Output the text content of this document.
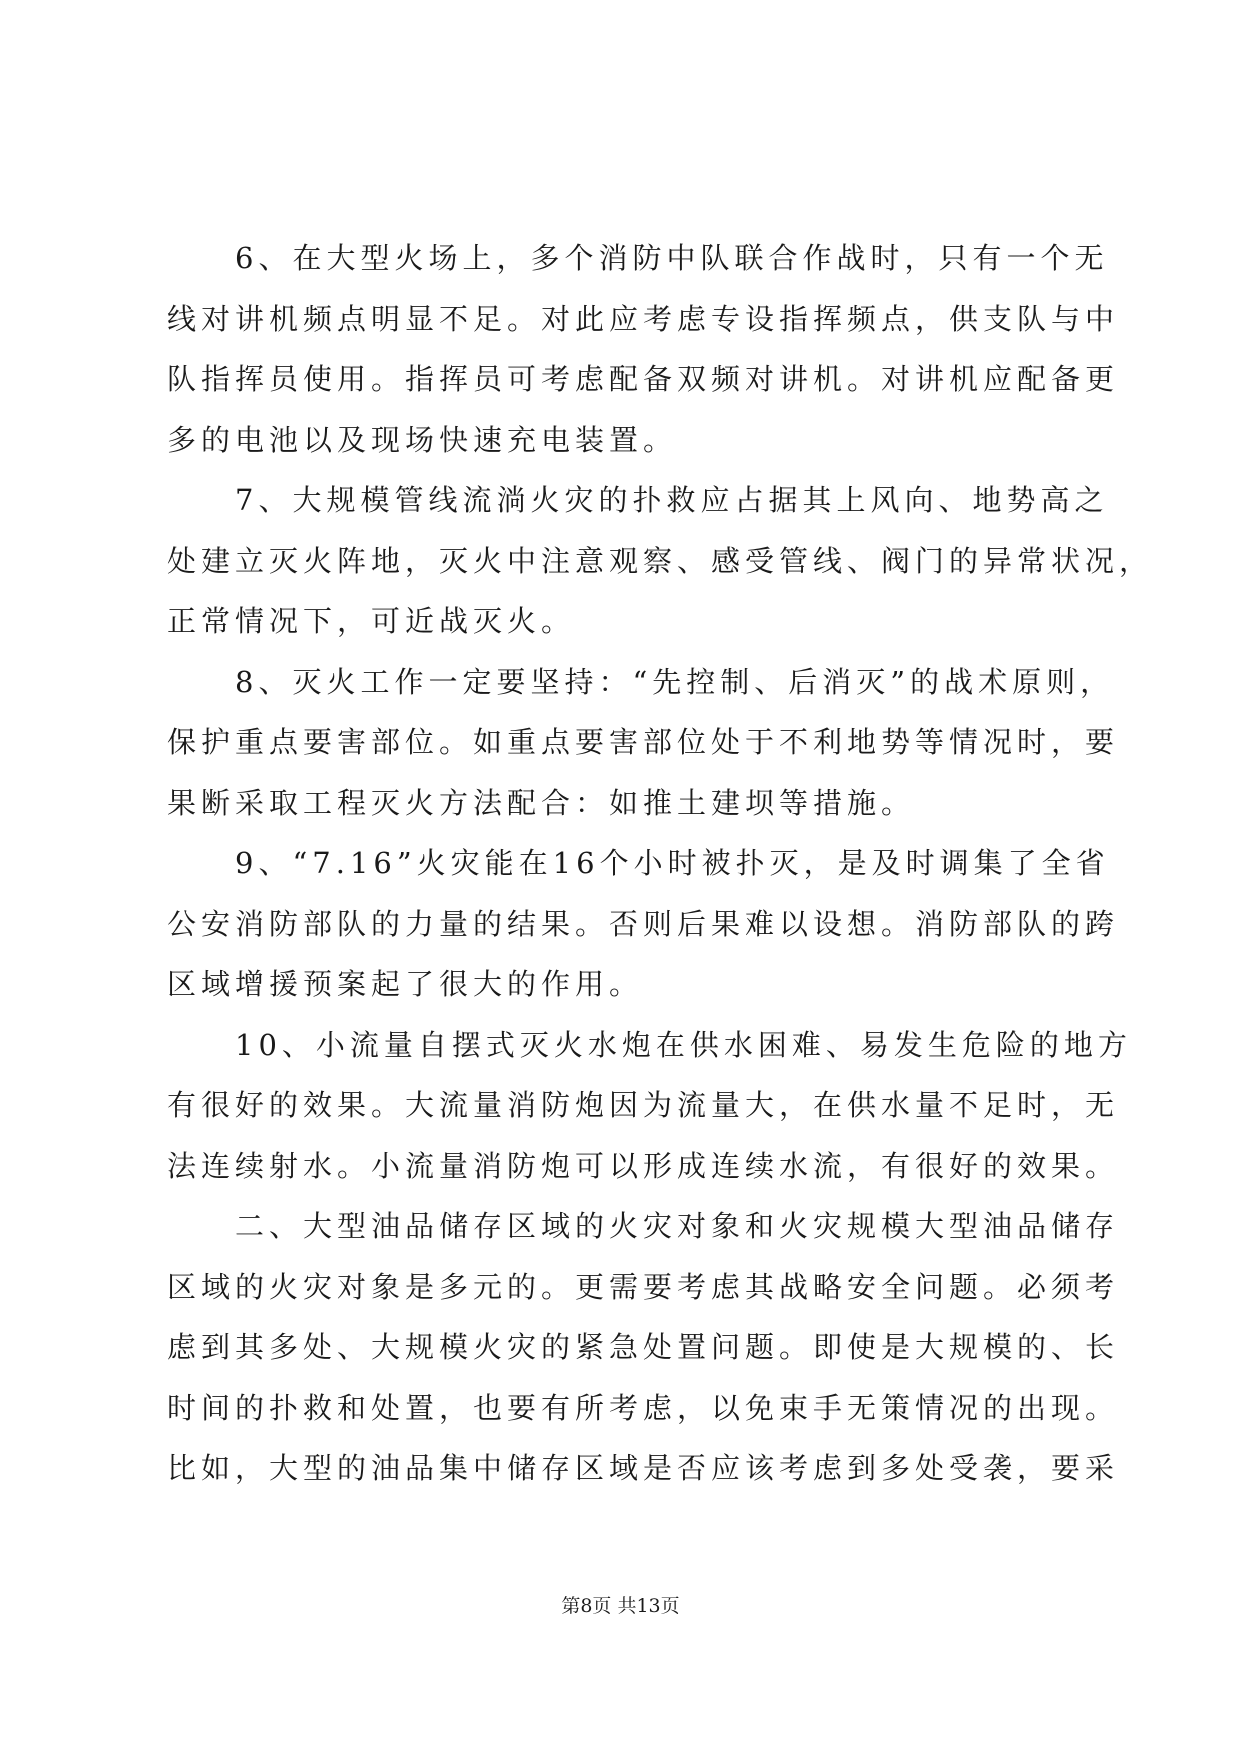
　　6、在大型火场上，多个消防中队联合作战时，只有一个无
线对讲机频点明显不足。对此应考虑专设指挥频点，供支队与中
队指挥员使用。指挥员可考虑配备双频对讲机。对讲机应配备更
多的电池以及现场快速充电装置。
　　7、大规模管线流淌火灾的扑救应占据其上风向、地势高之
处建立灭火阵地，灭火中注意观察、感受管线、阀门的异常状况，
正常情况下，可近战灭火。
　　8、灭火工作一定要坚持：“先控制、后消灭”的战术原则，
保护重点要害部位。如重点要害部位处于不利地势等情况时，要
果断采取工程灭火方法配合：如推土建坝等措施。
　　9、“7.16”火灾能在16个小时被扑灭，是及时调集了全省
公安消防部队的力量的结果。否则后果难以设想。消防部队的跨
区域增援预案起了很大的作用。
　　10、小流量自摆式灭火水炮在供水困难、易发生危险的地方
有很好的效果。大流量消防炮因为流量大，在供水量不足时，无
法连续射水。小流量消防炮可以形成连续水流，有很好的效果。
　　二、大型油品储存区域的火灾对象和火灾规模大型油品储存
区域的火灾对象是多元的。更需要考虑其战略安全问题。必须考
虑到其多处、大规模火灾的紧急处置问题。即使是大规模的、长
时间的扑救和处置，也要有所考虑，以免束手无策情况的出现。
比如，大型的油品集中储存区域是否应该考虑到多处受袭，要采
第8页 共13页
